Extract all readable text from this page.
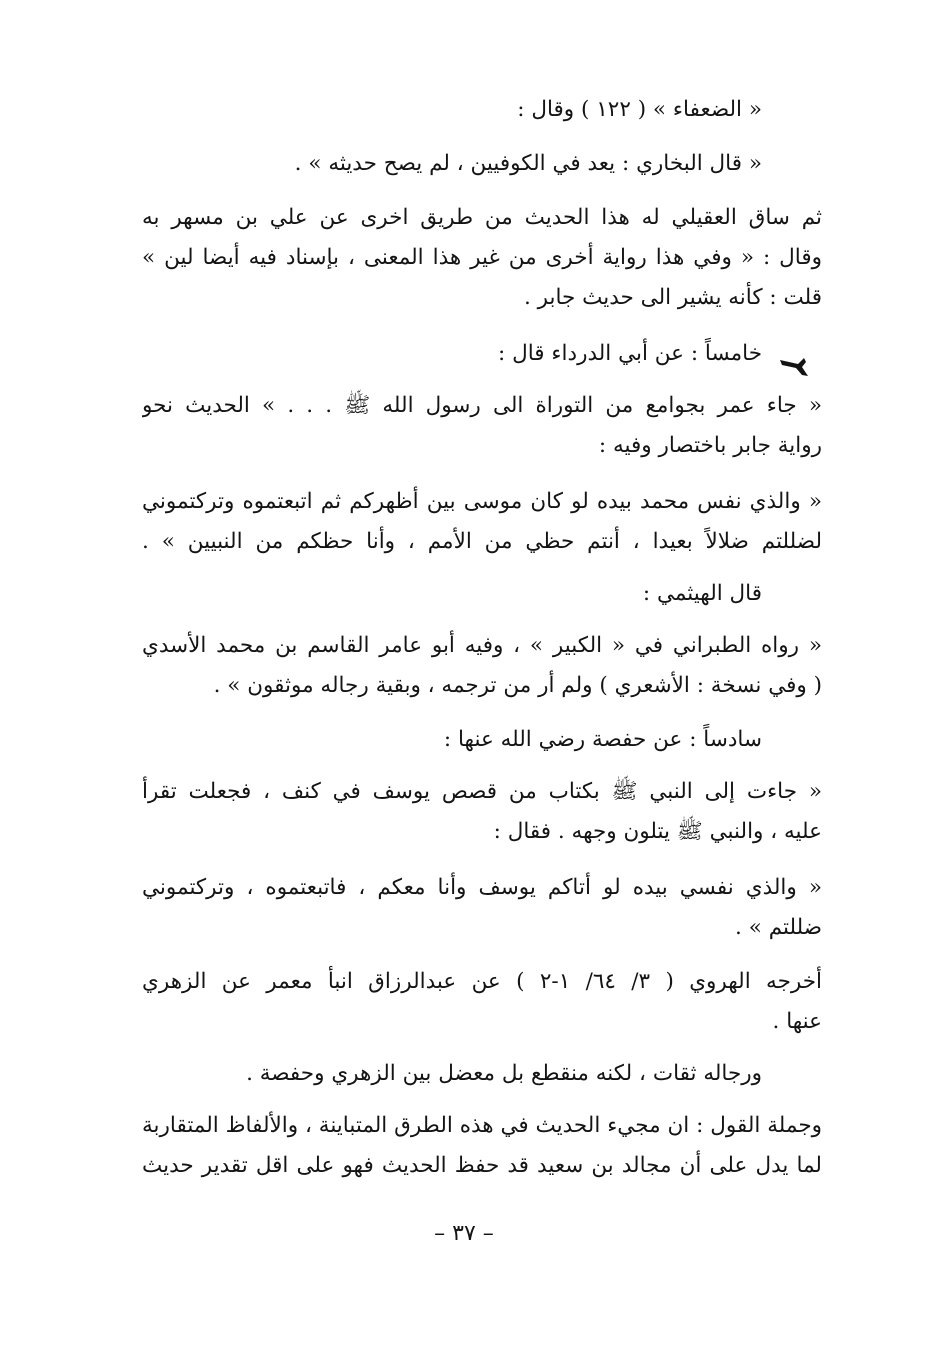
« الضعفاء » ( ١٢٢ ) وقال :
« قال البخاري : يعد في الكوفيين ، لم يصح حديثه » .
ثم ساق العقيلي له هذا الحديث من طريق اخرى عن علي بن مسهر به
وقال : « وفي هذا رواية أخرى من غير هذا المعنى ، بإسناد فيه أيضا لين »
قلت : كأنه يشير الى حديث جابر .
خامساً : عن أبي الدرداء قال :
« جاء عمر بجوامع من التوراة الى رسول الله ﷺ . . . » الحديث نحو
رواية جابر باختصار وفيه :
« والذي نفس محمد بيده لو كان موسى بين أظهركم ثم اتبعتموه وتركتموني
لضللتم ضلالاً بعيدا ، أنتم حظي من الأمم ، وأنا حظكم من النبيين » .
قال الهيثمي :
« رواه الطبراني في « الكبير » ، وفيه أبو عامر القاسم بن محمد الأسدي
( وفي نسخة : الأشعري ) ولم أر من ترجمه ، وبقية رجاله موثقون » .
سادساً : عن حفصة رضي الله عنها :
« جاءت إلى النبي ﷺ بكتاب من قصص يوسف في كنف ، فجعلت تقرأ
عليه ، والنبي ﷺ يتلون وجهه . فقال :
« والذي نفسي بيده لو أتاكم يوسف وأنا معكم ، فاتبعتموه ، وتركتموني
ضللتم » .
أخرجه الهروي ( ٣/ ٦٤/ ١-٢ ) عن عبدالرزاق انبأ معمر عن الزهري
عنها .
ورجاله ثقات ، لكنه منقطع بل معضل بين الزهري وحفصة .
وجملة القول : ان مجيء الحديث في هذه الطرق المتباينة ، والألفاظ المتقاربة
لما يدل على أن مجالد بن سعيد قد حفظ الحديث فهو على اقل تقدير حديث
– ٣٧ –
